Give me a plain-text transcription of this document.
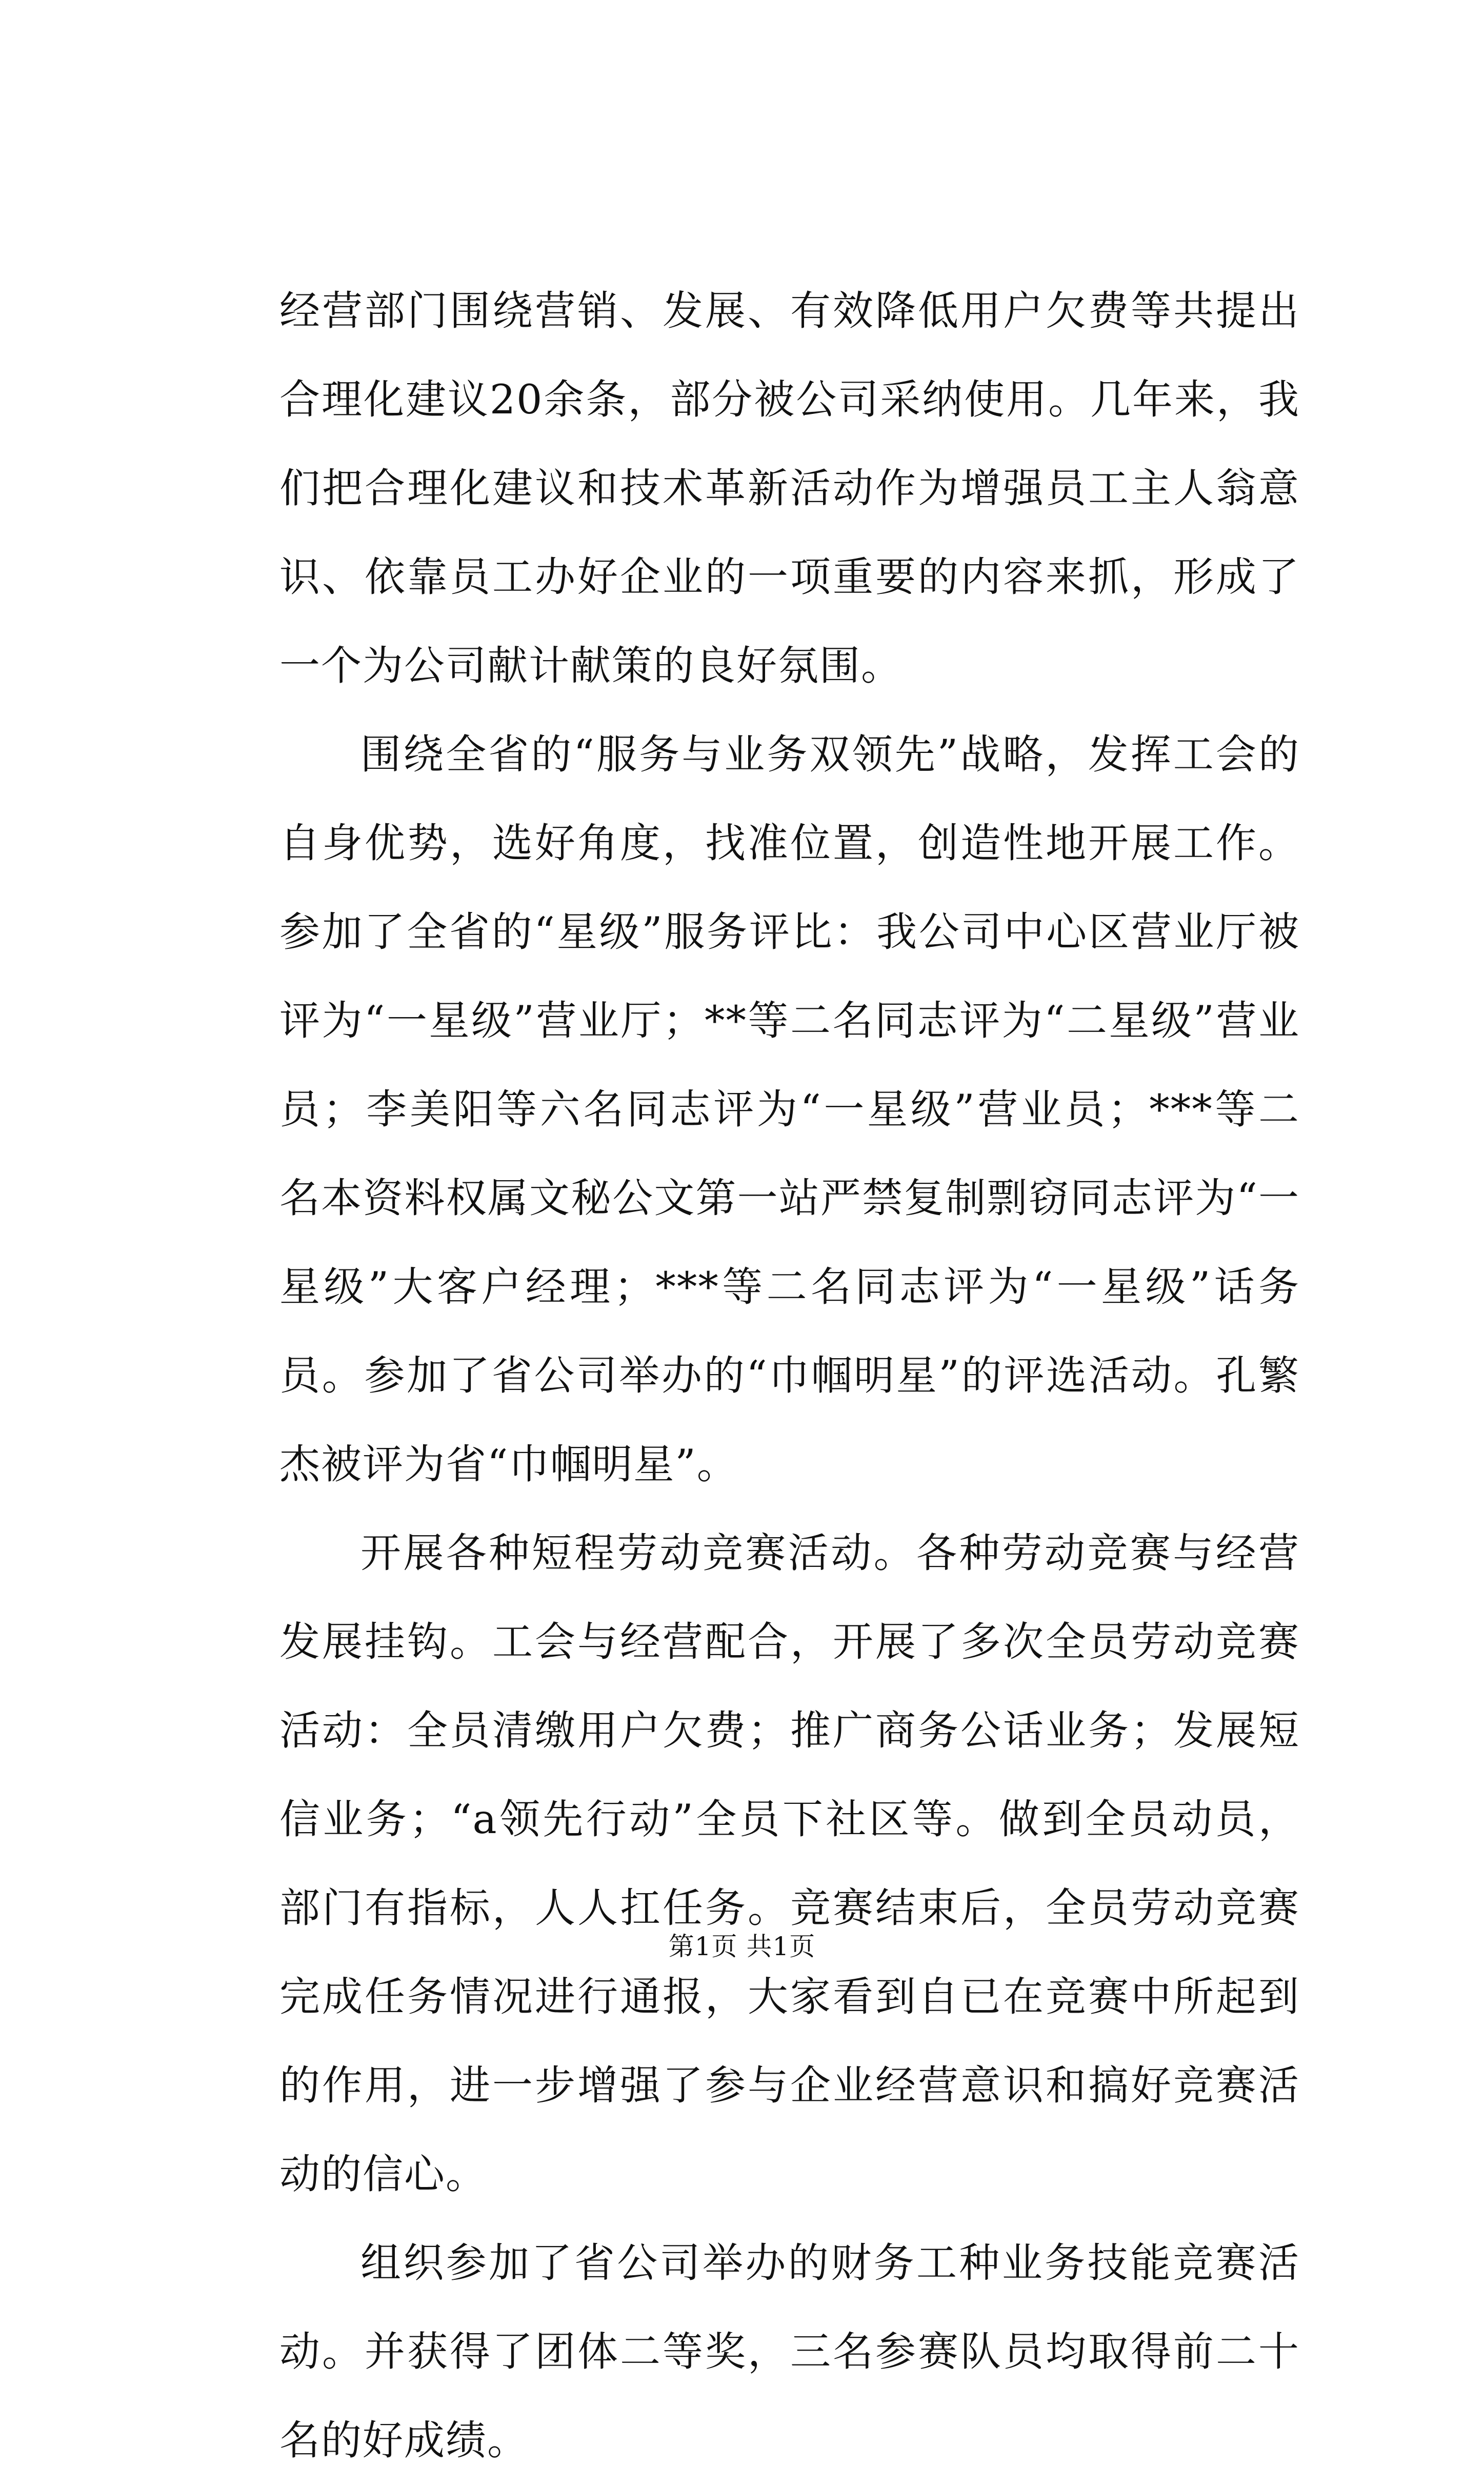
经营部门围绕营销、发展、有效降低用户欠费等共提出合理化建议20余条，部分被公司采纳使用。几年来，我们把合理化建议和技术革新活动作为增强员工主人翁意识、依靠员工办好企业的一项重要的内容来抓，形成了一个为公司献计献策的良好氛围。

围绕全省的“服务与业务双领先”战略，发挥工会的自身优势，选好角度，找准位置，创造性地开展工作。参加了全省的“星级”服务评比：我公司中心区营业厅被评为“一星级”营业厅；**等二名同志评为“二星级”营业员；李美阳等六名同志评为“一星级”营业员；***等二名本资料权属文秘公文第一站严禁复制剽窃同志评为“一星级”大客户经理；***等二名同志评为“一星级”话务员。参加了省公司举办的“巾帼明星”的评选活动。孔繁杰被评为省“巾帼明星”。

开展各种短程劳动竞赛活动。各种劳动竞赛与经营发展挂钩。工会与经营配合，开展了多次全员劳动竞赛活动：全员清缴用户欠费；推广商务公话业务；发展短信业务；“a领先行动”全员下社区等。做到全员动员，部门有指标，人人扛任务。竞赛结束后，全员劳动竞赛完成任务情况进行通报，大家看到自已在竞赛中所起到的作用，进一步增强了参与企业经营意识和搞好竞赛活动的信心。

组织参加了省公司举办的财务工种业务技能竞赛活动。并获得了团体二等奖，三名参赛队员均取得前二十名的好成绩。

第1页 共1页
